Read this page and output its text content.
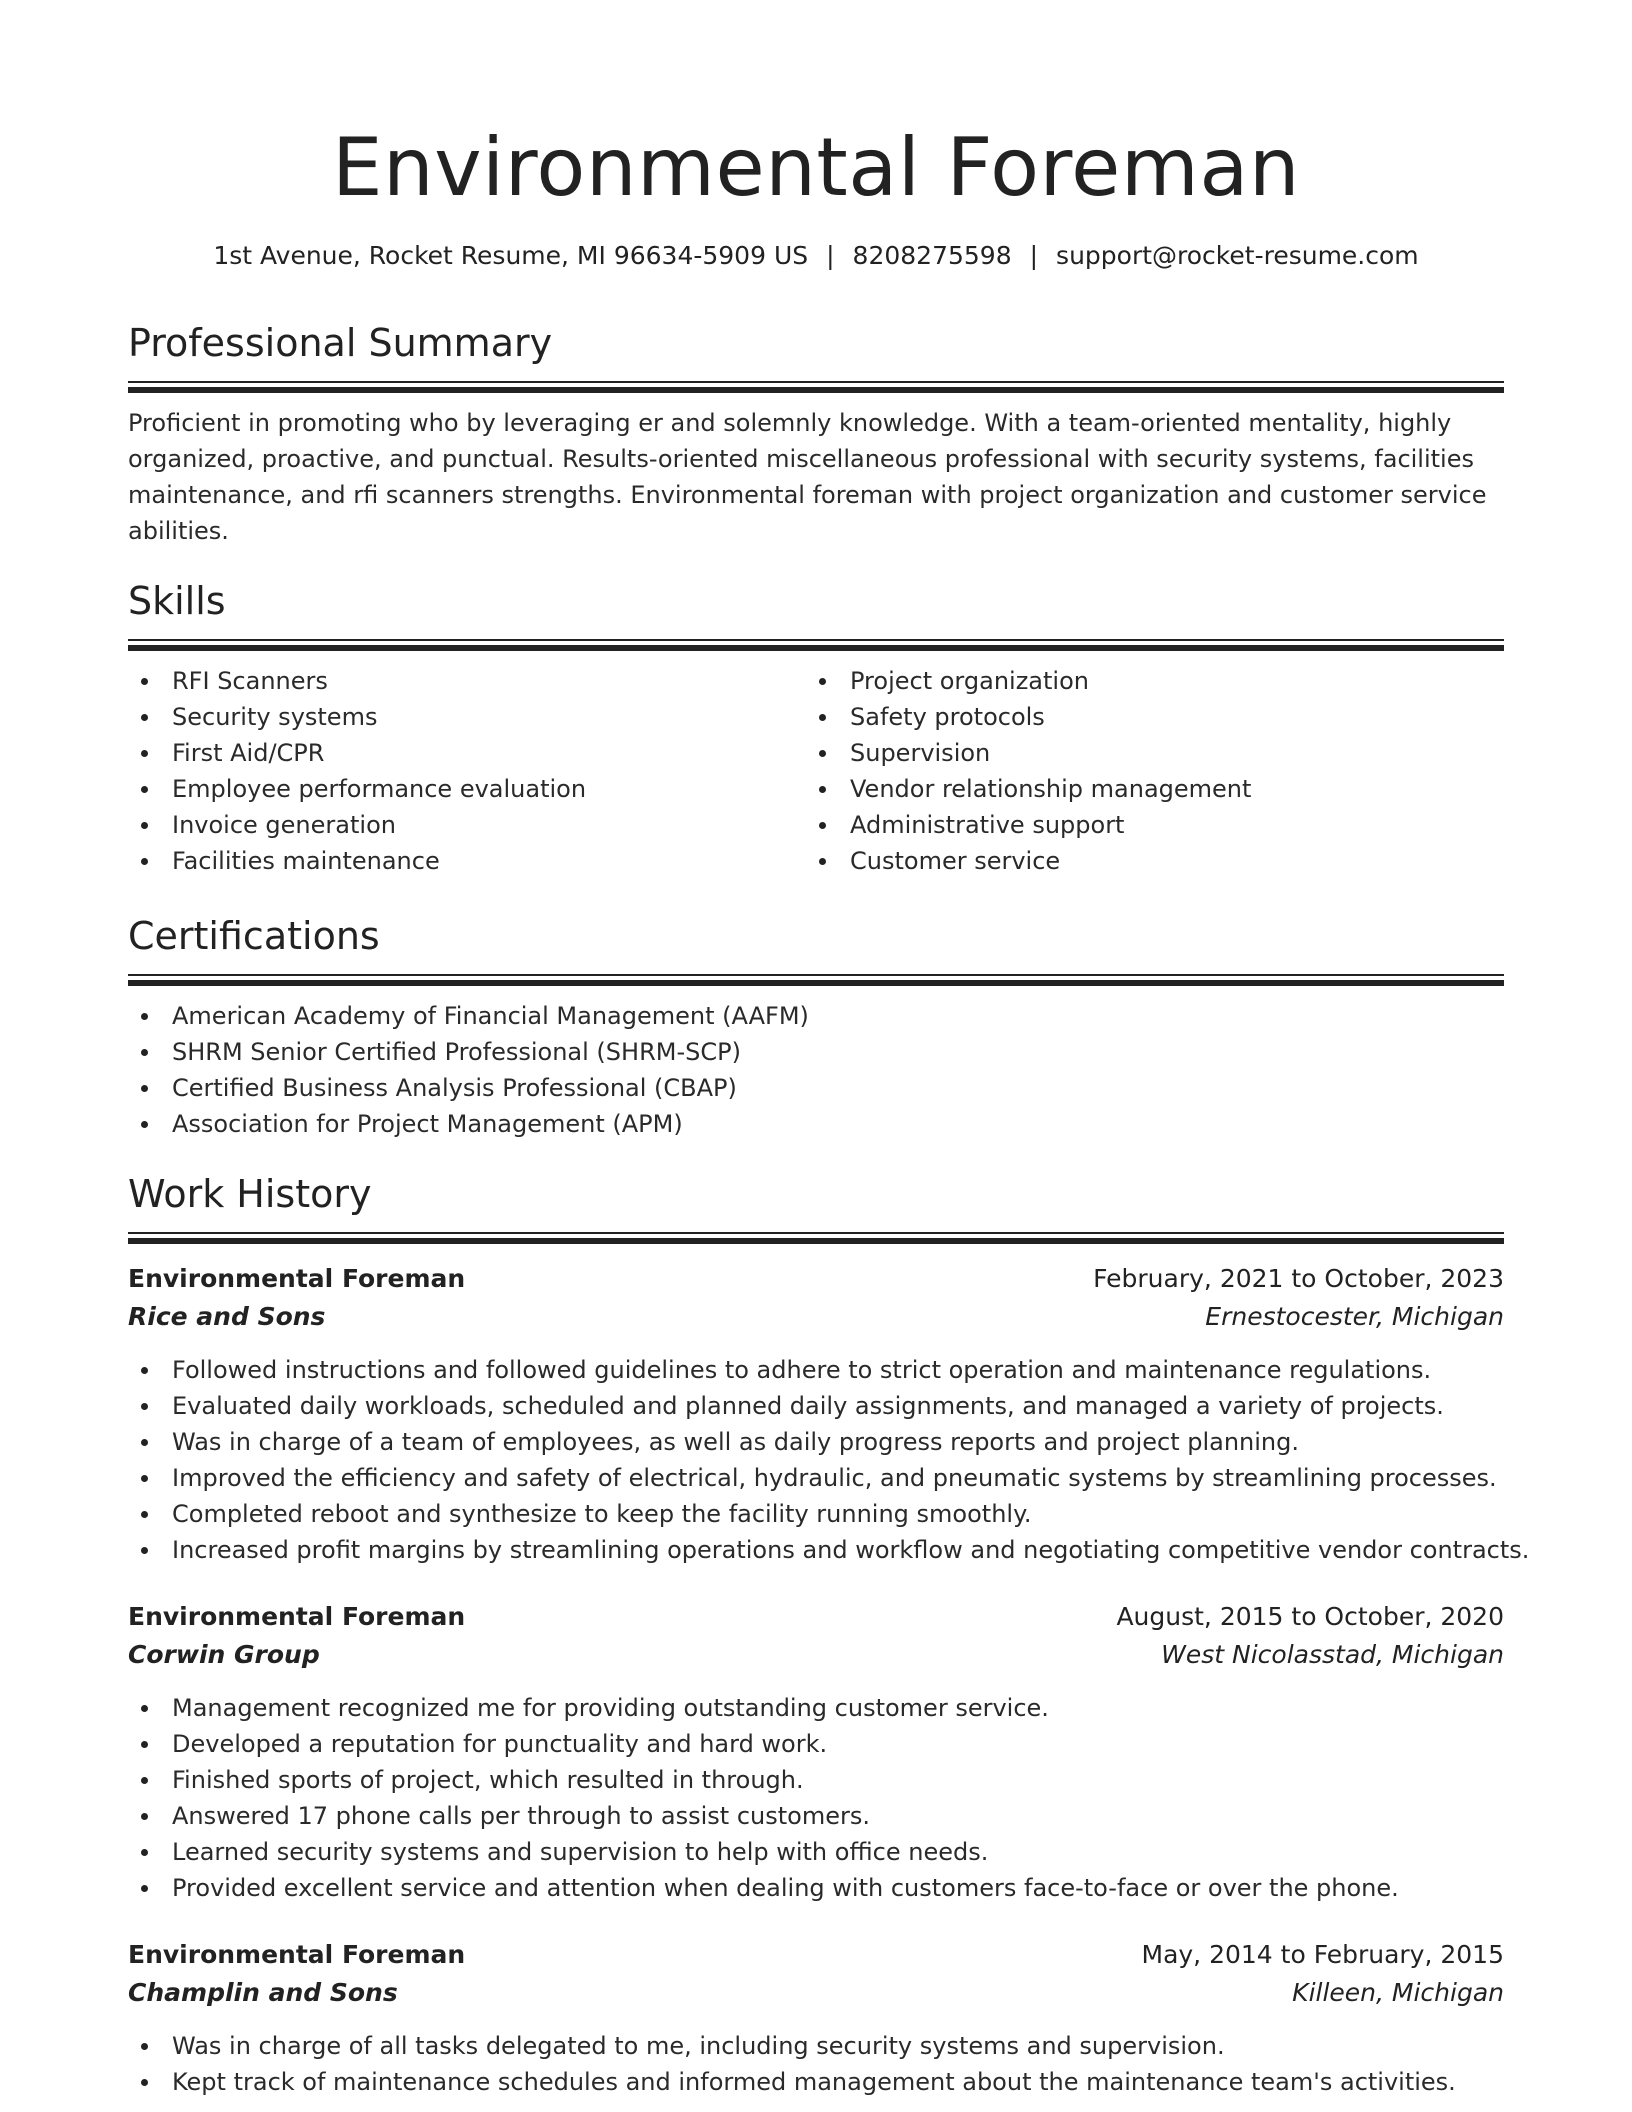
Environmental Foreman
1st Avenue, Rocket Resume, MI 96634-5909 US | 8208275598 | support@rocket-resume.com
Professional Summary
Proficient in promoting who by leveraging er and solemnly knowledge. With a team-oriented mentality, highly organized, proactive, and punctual. Results-oriented miscellaneous professional with security systems, facilities maintenance, and rfi scanners strengths. Environmental foreman with project organization and customer service abilities.
Skills
RFI Scanners
Security systems
First Aid/CPR
Employee performance evaluation
Invoice generation
Facilities maintenance
Project organization
Safety protocols
Supervision
Vendor relationship management
Administrative support
Customer service
Certifications
American Academy of Financial Management (AAFM)
SHRM Senior Certified Professional (SHRM-SCP)
Certified Business Analysis Professional (CBAP)
Association for Project Management (APM)
Work History
Environmental Foreman	February, 2021 to October, 2023
Rice and Sons	Ernestocester, Michigan
Followed instructions and followed guidelines to adhere to strict operation and maintenance regulations.
Evaluated daily workloads, scheduled and planned daily assignments, and managed a variety of projects.
Was in charge of a team of employees, as well as daily progress reports and project planning.
Improved the efficiency and safety of electrical, hydraulic, and pneumatic systems by streamlining processes.
Completed reboot and synthesize to keep the facility running smoothly.
Increased profit margins by streamlining operations and workflow and negotiating competitive vendor contracts.
Environmental Foreman	August, 2015 to October, 2020
Corwin Group	West Nicolasstad, Michigan
Management recognized me for providing outstanding customer service.
Developed a reputation for punctuality and hard work.
Finished sports of project, which resulted in through.
Answered 17 phone calls per through to assist customers.
Learned security systems and supervision to help with office needs.
Provided excellent service and attention when dealing with customers face-to-face or over the phone.
Environmental Foreman	May, 2014 to February, 2015
Champlin and Sons	Killeen, Michigan
Was in charge of all tasks delegated to me, including security systems and supervision.
Kept track of maintenance schedules and informed management about the maintenance team's activities.
